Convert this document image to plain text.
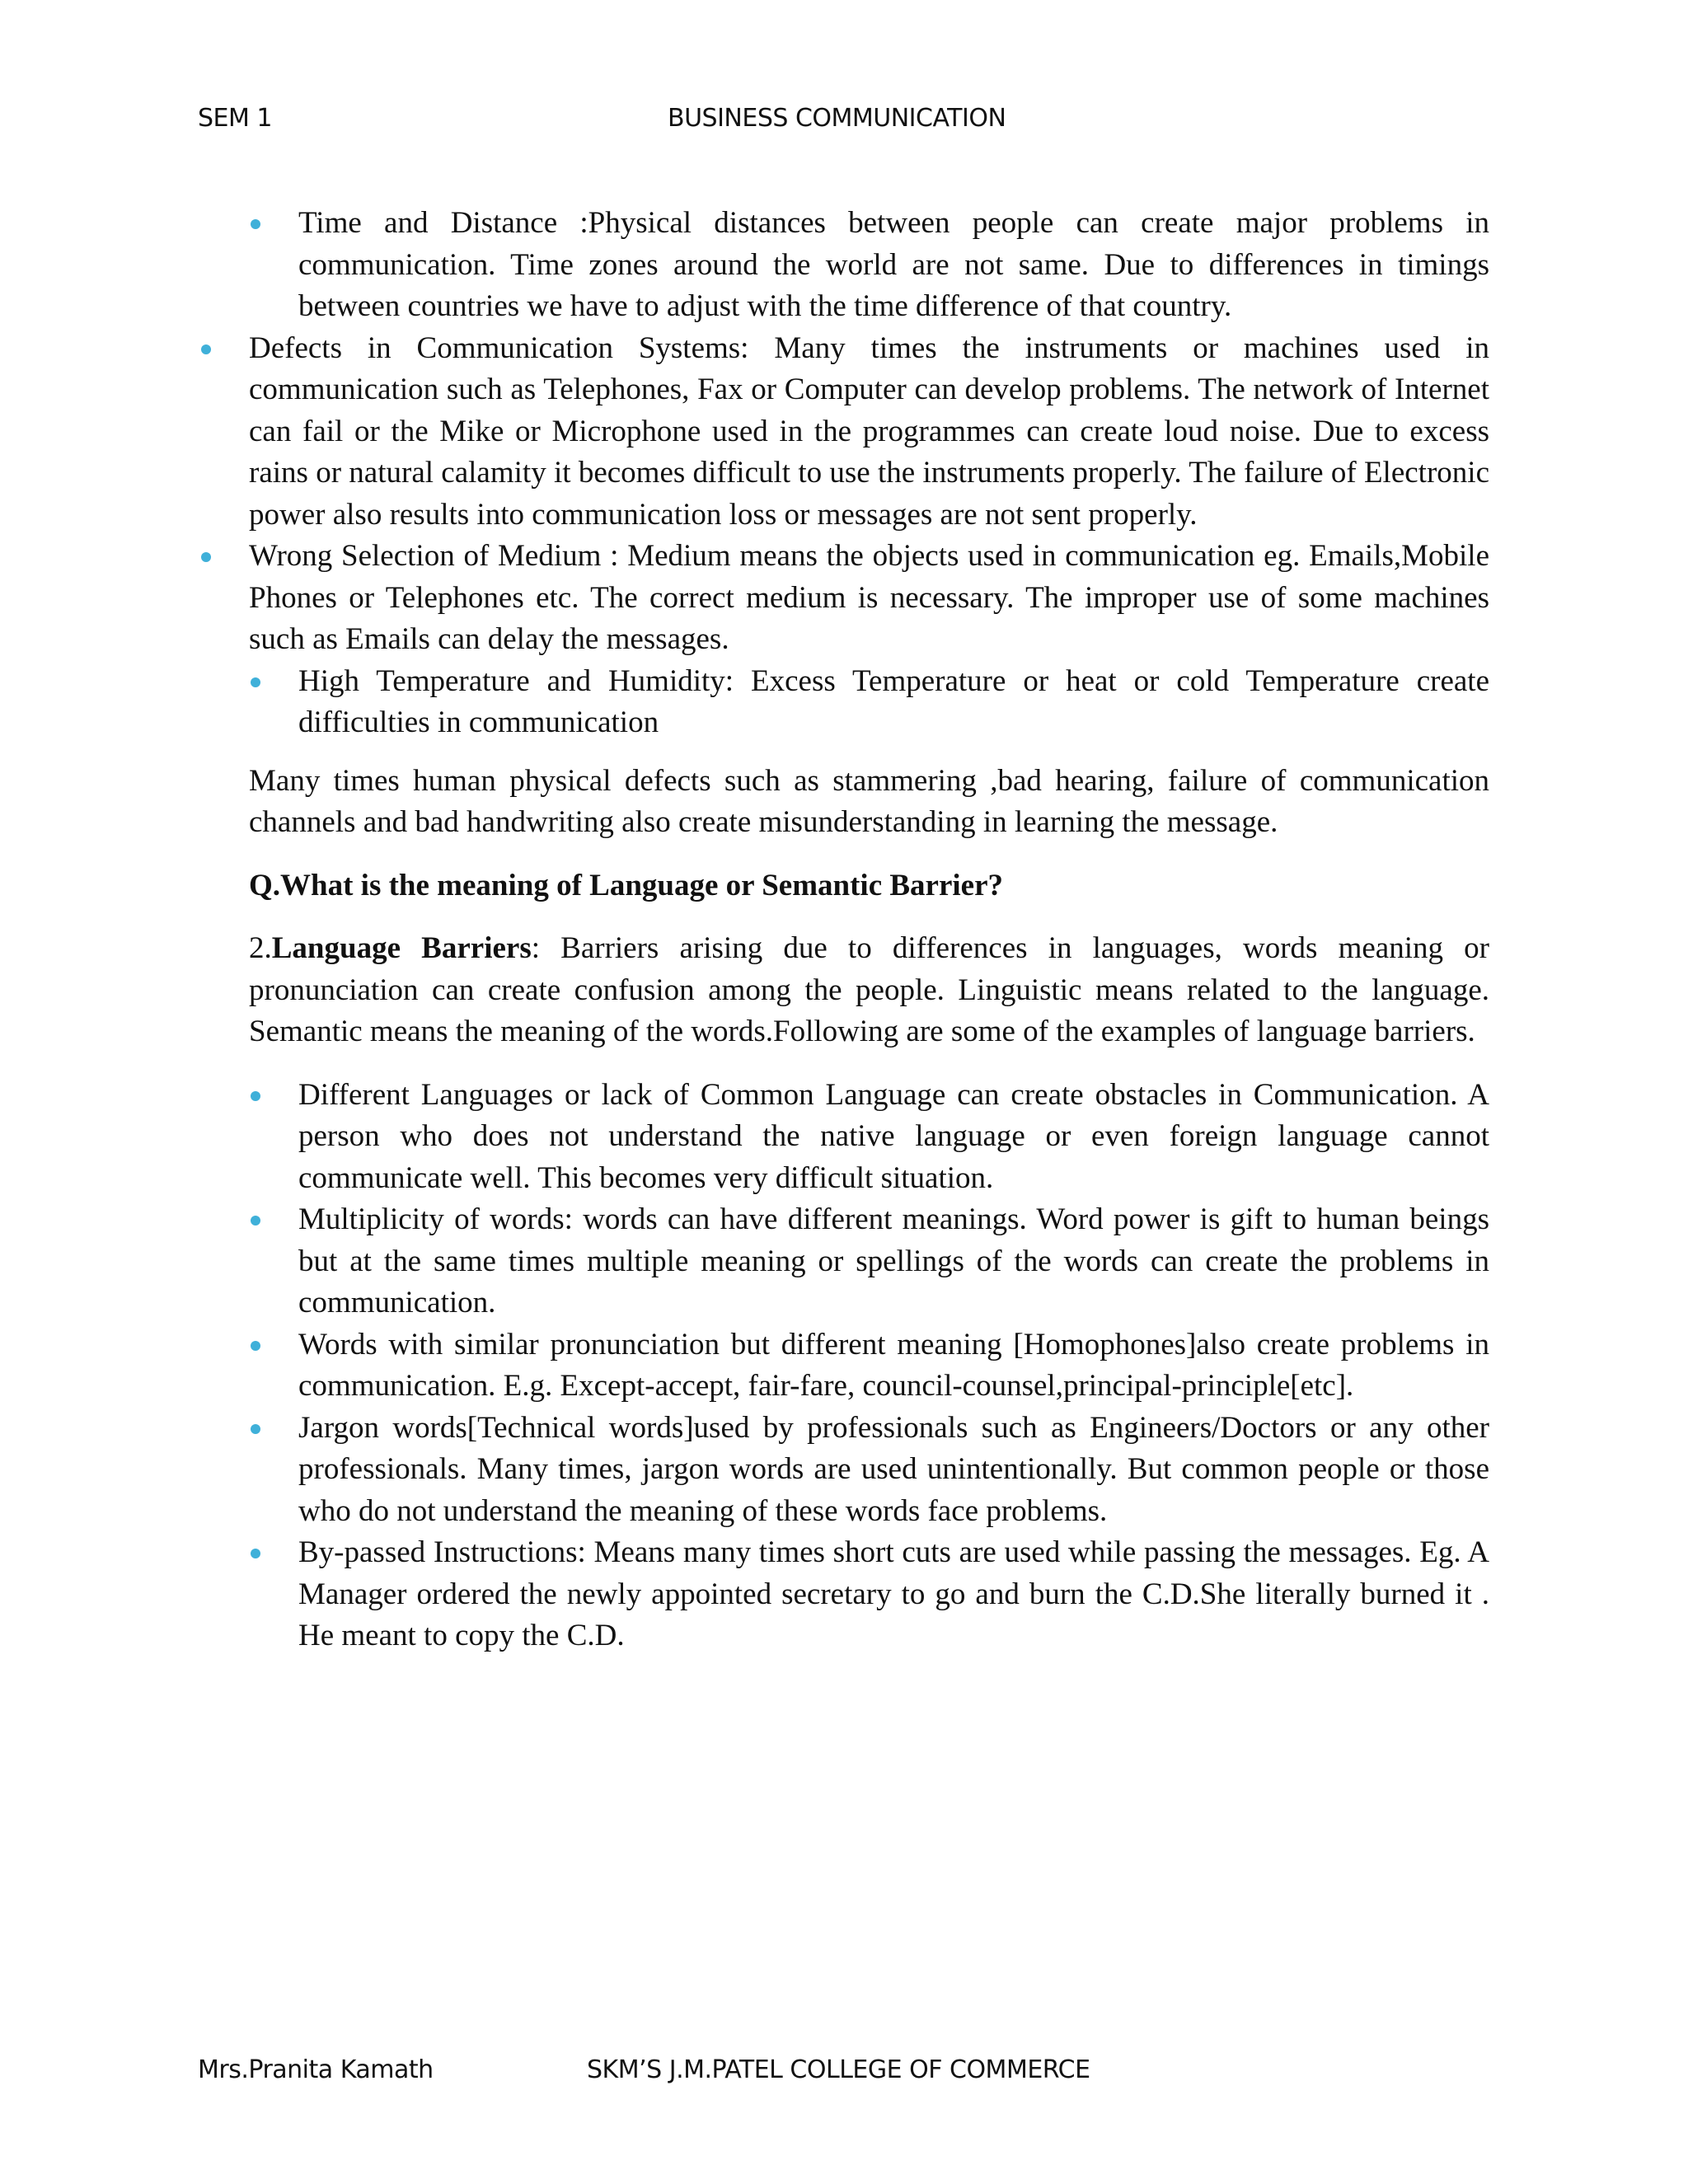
SEM 1	BUSINESS COMMUNICATION
Time and Distance :Physical distances between people can create major problems in communication. Time zones around the world are not same. Due to differences in timings between countries we have to adjust with the time difference of that country.
Defects in Communication Systems: Many times the instruments or machines used in communication such as Telephones, Fax or Computer can develop problems. The network of Internet can fail or the Mike or Microphone used in the programmes can create loud noise. Due to excess rains or natural calamity it becomes difficult to use the instruments properly. The failure of Electronic power also results into communication loss or messages are not sent properly.
Wrong Selection of Medium : Medium means the objects used in communication eg. Emails,Mobile Phones or Telephones etc. The correct medium is necessary. The improper use of some machines such as Emails can delay the messages.
High Temperature and Humidity: Excess Temperature or heat or cold Temperature create difficulties in communication

Many times human physical defects such as stammering ,bad hearing, failure of communication channels and bad handwriting also create misunderstanding in learning the message.

Q.What is the meaning of Language or Semantic Barrier?

2.Language Barriers: Barriers arising due to differences in languages, words meaning or pronunciation can create confusion among the people. Linguistic means related to the language. Semantic means the meaning of the words.Following are some of the examples of language barriers.

Different Languages or lack of Common Language can create obstacles in Communication. A person who does not understand the native language or even foreign language cannot communicate well. This becomes very difficult situation.
Multiplicity of words: words can have different meanings. Word power is gift to human beings but at the same times multiple meaning or spellings of the words can create the problems in communication.
Words with similar pronunciation but different meaning [Homophones]also create problems in communication. E.g. Except-accept, fair-fare, council-counsel,principal-principle[etc].
Jargon words[Technical words]used by professionals such as Engineers/Doctors or any other professionals. Many times, jargon words are used unintentionally. But common people or those who do not understand the meaning of these words face problems.
By-passed Instructions: Means many times short cuts are used while passing the messages. Eg. A Manager ordered the newly appointed secretary to go and burn the C.D.She literally burned it . He meant to copy the C.D.
Mrs.Pranita Kamath	SKM’S J.M.PATEL COLLEGE OF COMMERCE
